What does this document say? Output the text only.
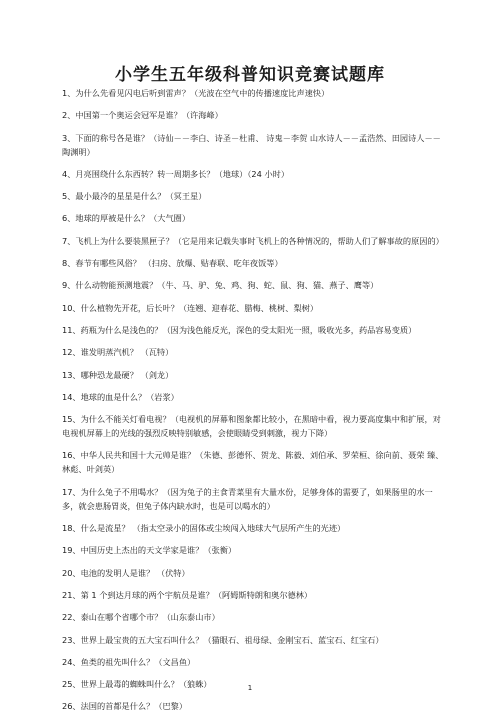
小学生五年级科普知识竞赛试题库
1、为什么先看见闪电后听到雷声？（光波在空气中的传播速度比声速快）
2、中国第一个奥运会冠军是谁？（许海峰）
3、下面的称号各是谁？（诗仙－－李白、诗圣－杜甫、 诗鬼－李贺 山水诗人－－孟浩然、田园诗人－－陶渊明）
4、月亮围绕什么东西转？转一周期多长？（地球）（24 小时）
5、最小最冷的星星是什么？（冥王星）
6、地球的厚被是什么？（大气圈）
7、飞机上为什么要装黑匣子？（它是用来记载失事时飞机上的各种情况的，帮助人们了解事故的原因的）
8、春节有哪些风俗？ （扫房、放爆、贴春联、吃年夜饭等）
9、什么动物能预测地震？（牛、马、驴、兔、鸡、狗、蛇、鼠、狗、猫、燕子、鹰等）
10、什么植物先开花，后长叶？（连翘、迎春花、腊梅、桃树、梨树）
11、药瓶为什么是浅色的？（因为浅色能反光，深色的受太阳光一照，吸收光多，药品容易变质）
12、谁发明蒸汽机？ （瓦特）
13、哪种恐龙最硬？ （剑龙）
14、地球的血是什么？（岩浆）
15、为什么不能关灯看电视？（电视机的屏幕和图象都比较小，在黑暗中看，视力要高度集中和扩展，对电视机屏幕上的光线的强烈反映特别敏感，会使眼睛受到刺激，视力下降）
16、中华人民共和国十大元帅是谁？（朱德、彭德怀、贺龙、陈毅、刘伯承、罗荣桓、徐向前、聂荣 臻、林彪、叶剑英）
17、为什么兔子不用喝水？（因为兔子的主食青菜里有大量水份，足够身体的需要了，如果肠里的水一多，就会患肠胃炎，但兔子体内缺水时，也是可以喝水的）
18、什么是流星？ （指太空录小的固体或尘埃闯入地球大气层所产生的光迹）
19、中国历史上杰出的天文学家是谁？（张衡）
20、电池的发明人是谁？ （伏特）
21、第 1 个到达月球的两个宇航员是谁？（阿姆斯特朗和奥尔德林）
22、泰山在哪个省哪个市？（山东泰山市）
23、世界上最宝贵的五大宝石叫什么？（猫眼石、祖母绿、金刚宝石、蓝宝石、红宝石）
24、鱼类的祖先叫什么？（文昌鱼）
25、世界上最毒的蜘蛛叫什么？（狼蛛）
26、法国的首都是什么？（巴黎）
1
